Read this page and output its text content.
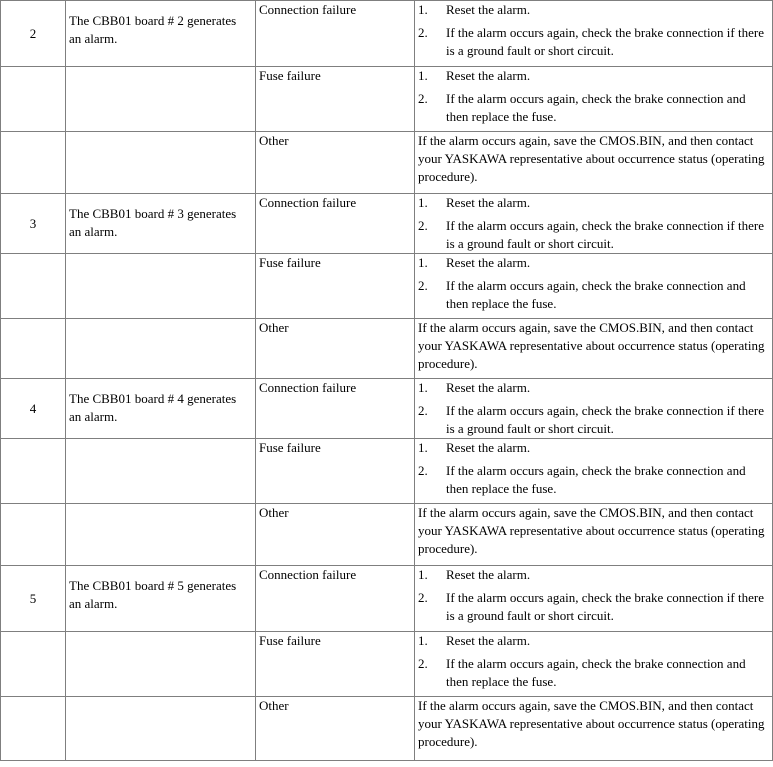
2	The CBB01 board # 2 generates an alarm.	Connection failure	1. Reset the alarm.
2. If the alarm occurs again, check the brake connection if there is a ground fault or short circuit.

		Fuse failure	1. Reset the alarm.
2. If the alarm occurs again, check the brake connection and then replace the fuse.

		Other	If the alarm occurs again, save the CMOS.BIN, and then contact your YASKAWA representative about occurrence status (operating procedure).
3	The CBB01 board # 3 generates an alarm.	Connection failure	1. Reset the alarm.
2. If the alarm occurs again, check the brake connection if there is a ground fault or short circuit.

		Fuse failure	1. Reset the alarm.
2. If the alarm occurs again, check the brake connection and then replace the fuse.

		Other	If the alarm occurs again, save the CMOS.BIN, and then contact your YASKAWA representative about occurrence status (operating procedure).
4	The CBB01 board # 4 generates an alarm.	Connection failure	1. Reset the alarm.
2. If the alarm occurs again, check the brake connection if there is a ground fault or short circuit.

		Fuse failure	1. Reset the alarm.
2. If the alarm occurs again, check the brake connection and then replace the fuse.

		Other	If the alarm occurs again, save the CMOS.BIN, and then contact your YASKAWA representative about occurrence status (operating procedure).
5	The CBB01 board # 5 generates an alarm.	Connection failure	1. Reset the alarm.
2. If the alarm occurs again, check the brake connection if there is a ground fault or short circuit.

		Fuse failure	1. Reset the alarm.
2. If the alarm occurs again, check the brake connection and then replace the fuse.

		Other	If the alarm occurs again, save the CMOS.BIN, and then contact your YASKAWA representative about occurrence status (operating procedure).
